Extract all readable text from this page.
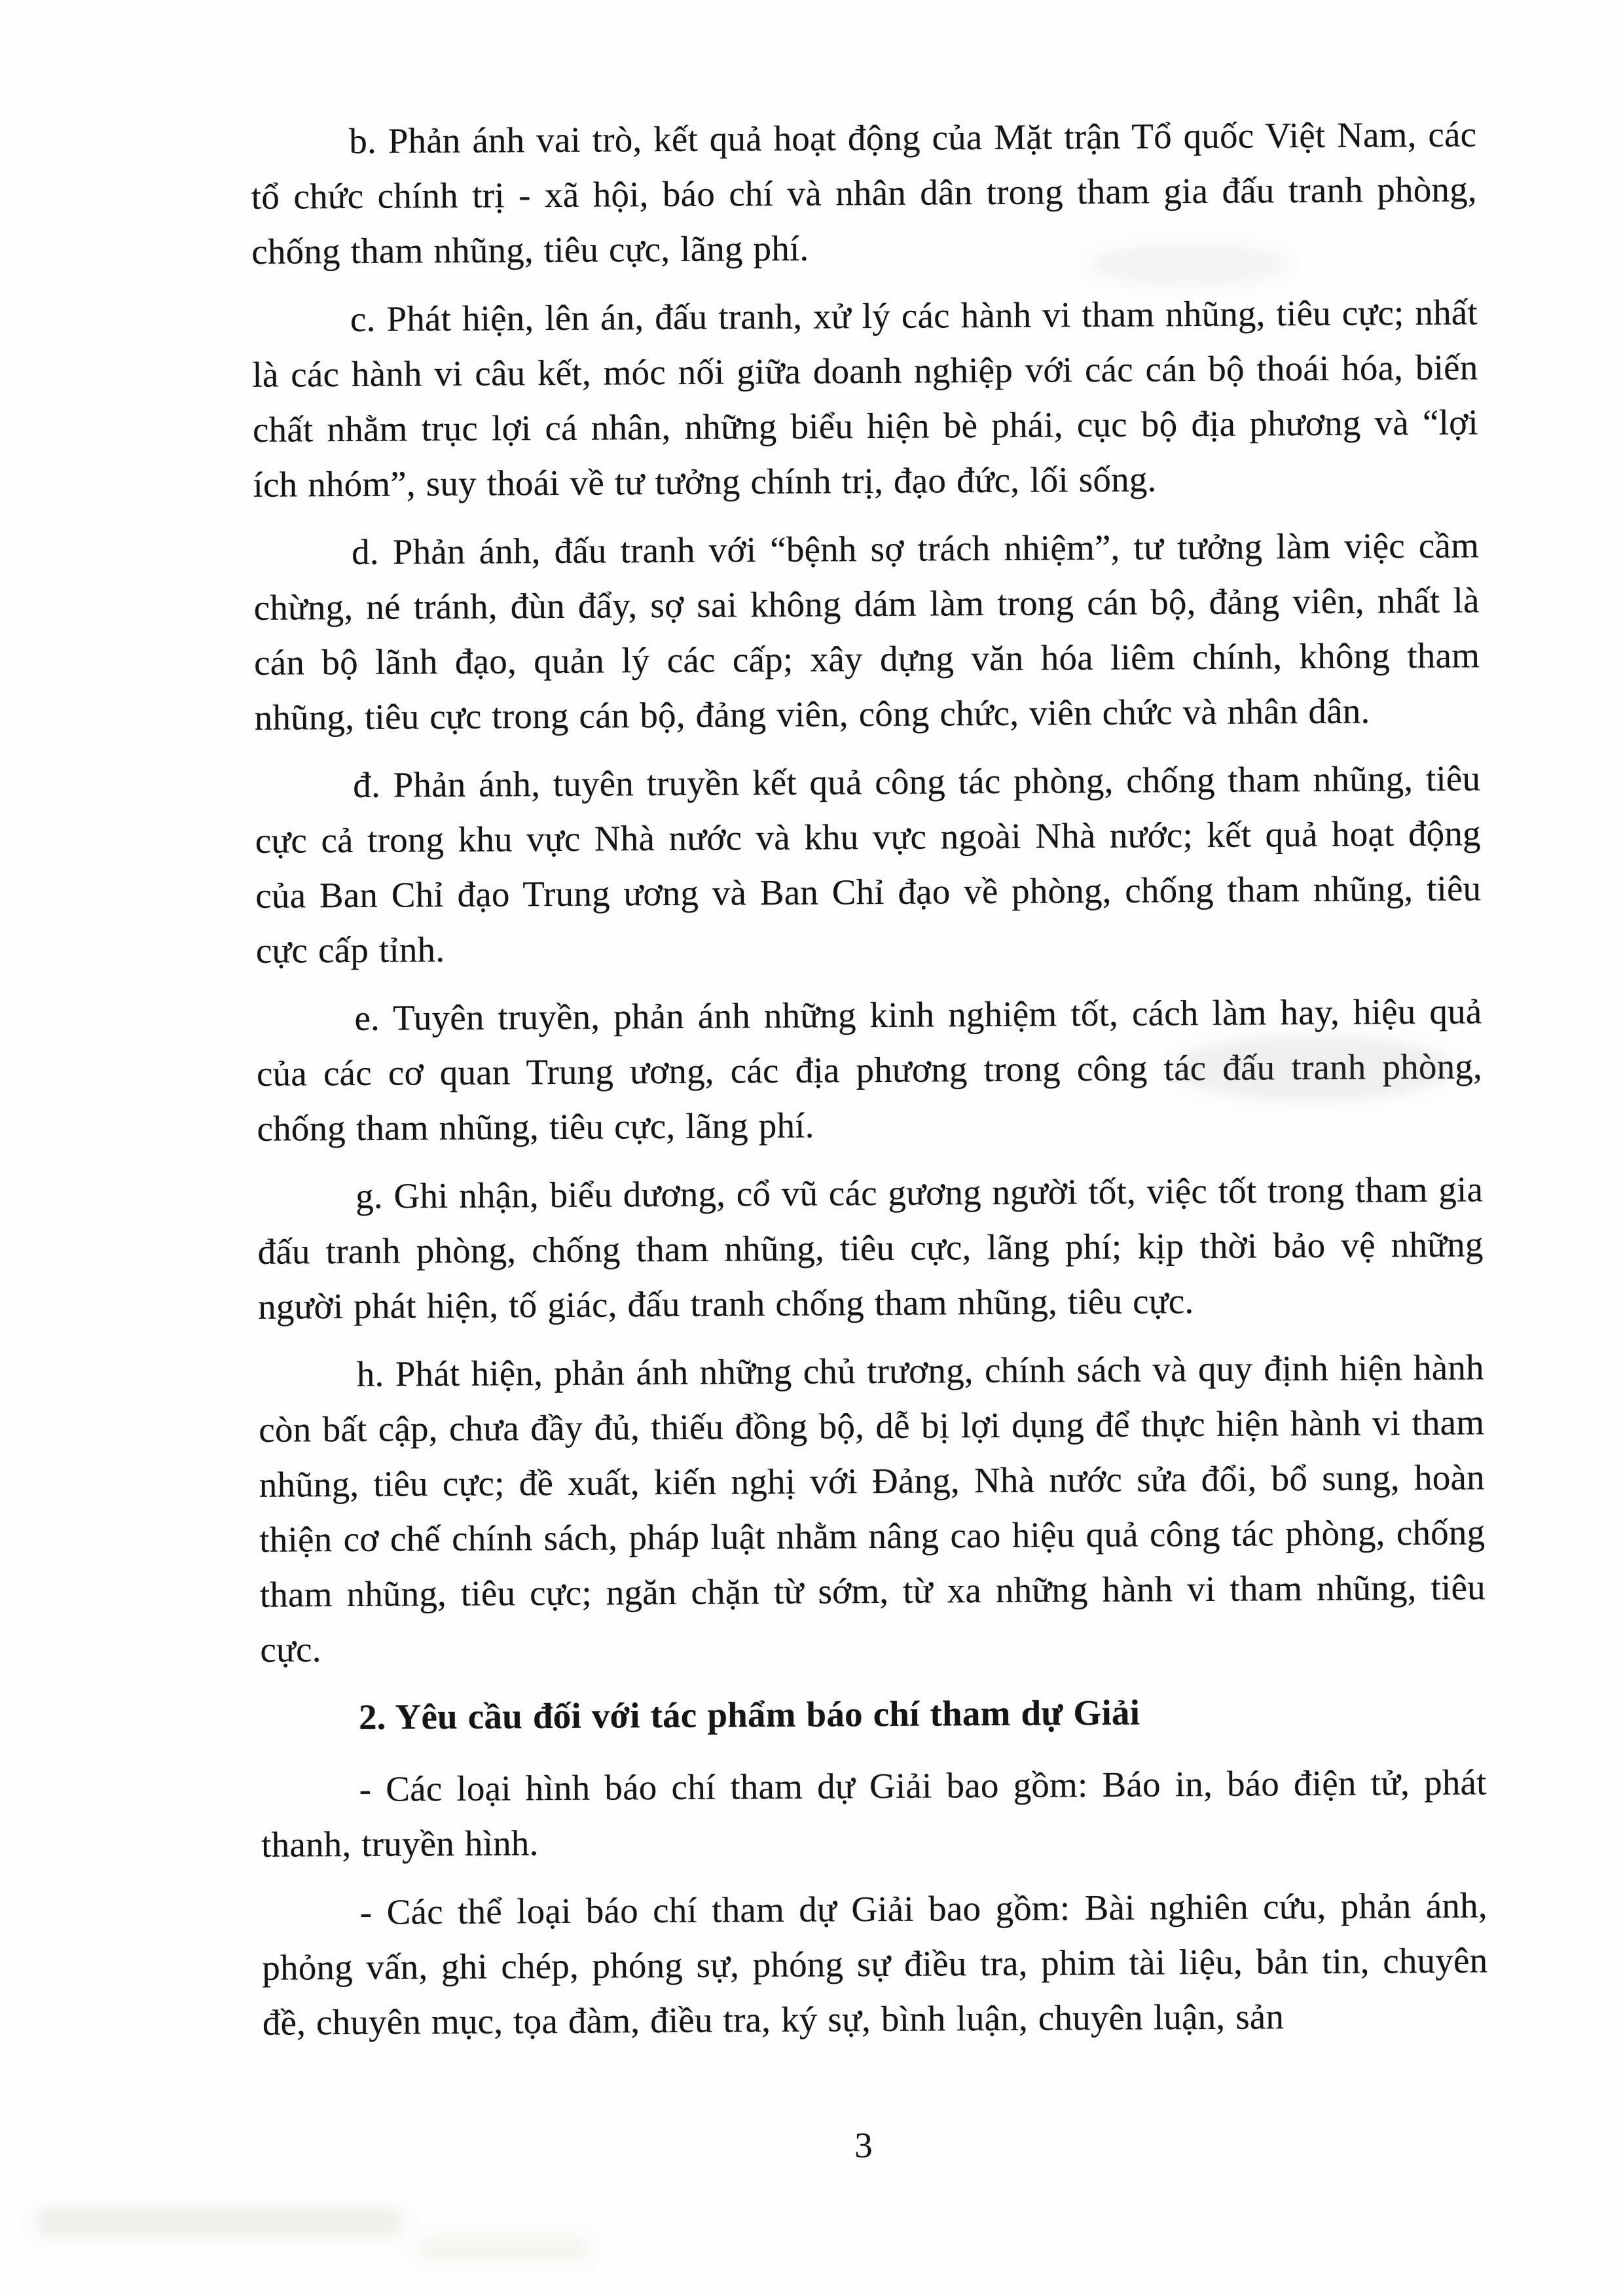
b. Phản ánh vai trò, kết quả hoạt động của Mặt trận Tổ quốc Việt Nam, các tổ chức chính trị - xã hội, báo chí và nhân dân trong tham gia đấu tranh phòng, chống tham nhũng, tiêu cực, lãng phí.

c. Phát hiện, lên án, đấu tranh, xử lý các hành vi tham nhũng, tiêu cực; nhất là các hành vi câu kết, móc nối giữa doanh nghiệp với các cán bộ thoái hóa, biến chất nhằm trục lợi cá nhân, những biểu hiện bè phái, cục bộ địa phương và “lợi ích nhóm”, suy thoái về tư tưởng chính trị, đạo đức, lối sống.

d. Phản ánh, đấu tranh với “bệnh sợ trách nhiệm”, tư tưởng làm việc cầm chừng, né tránh, đùn đẩy, sợ sai không dám làm trong cán bộ, đảng viên, nhất là cán bộ lãnh đạo, quản lý các cấp; xây dựng văn hóa liêm chính, không tham nhũng, tiêu cực trong cán bộ, đảng viên, công chức, viên chức và nhân dân.

đ. Phản ánh, tuyên truyền kết quả công tác phòng, chống tham nhũng, tiêu cực cả trong khu vực Nhà nước và khu vực ngoài Nhà nước; kết quả hoạt động của Ban Chỉ đạo Trung ương và Ban Chỉ đạo về phòng, chống tham nhũng, tiêu cực cấp tỉnh.

e. Tuyên truyền, phản ánh những kinh nghiệm tốt, cách làm hay, hiệu quả của các cơ quan Trung ương, các địa phương trong công tác đấu tranh phòng, chống tham nhũng, tiêu cực, lãng phí.

g. Ghi nhận, biểu dương, cổ vũ các gương người tốt, việc tốt trong tham gia đấu tranh phòng, chống tham nhũng, tiêu cực, lãng phí; kịp thời bảo vệ những người phát hiện, tố giác, đấu tranh chống tham nhũng, tiêu cực.

h. Phát hiện, phản ánh những chủ trương, chính sách và quy định hiện hành còn bất cập, chưa đầy đủ, thiếu đồng bộ, dễ bị lợi dụng để thực hiện hành vi tham nhũng, tiêu cực; đề xuất, kiến nghị với Đảng, Nhà nước sửa đổi, bổ sung, hoàn thiện cơ chế chính sách, pháp luật nhằm nâng cao hiệu quả công tác phòng, chống tham nhũng, tiêu cực; ngăn chặn từ sớm, từ xa những hành vi tham nhũng, tiêu cực.

2. Yêu cầu đối với tác phẩm báo chí tham dự Giải

- Các loại hình báo chí tham dự Giải bao gồm: Báo in, báo điện tử, phát thanh, truyền hình.

- Các thể loại báo chí tham dự Giải bao gồm: Bài nghiên cứu, phản ánh, phỏng vấn, ghi chép, phóng sự, phóng sự điều tra, phim tài liệu, bản tin, chuyên đề, chuyên mục, tọa đàm, điều tra, ký sự, bình luận, chuyên luận, sản

3
